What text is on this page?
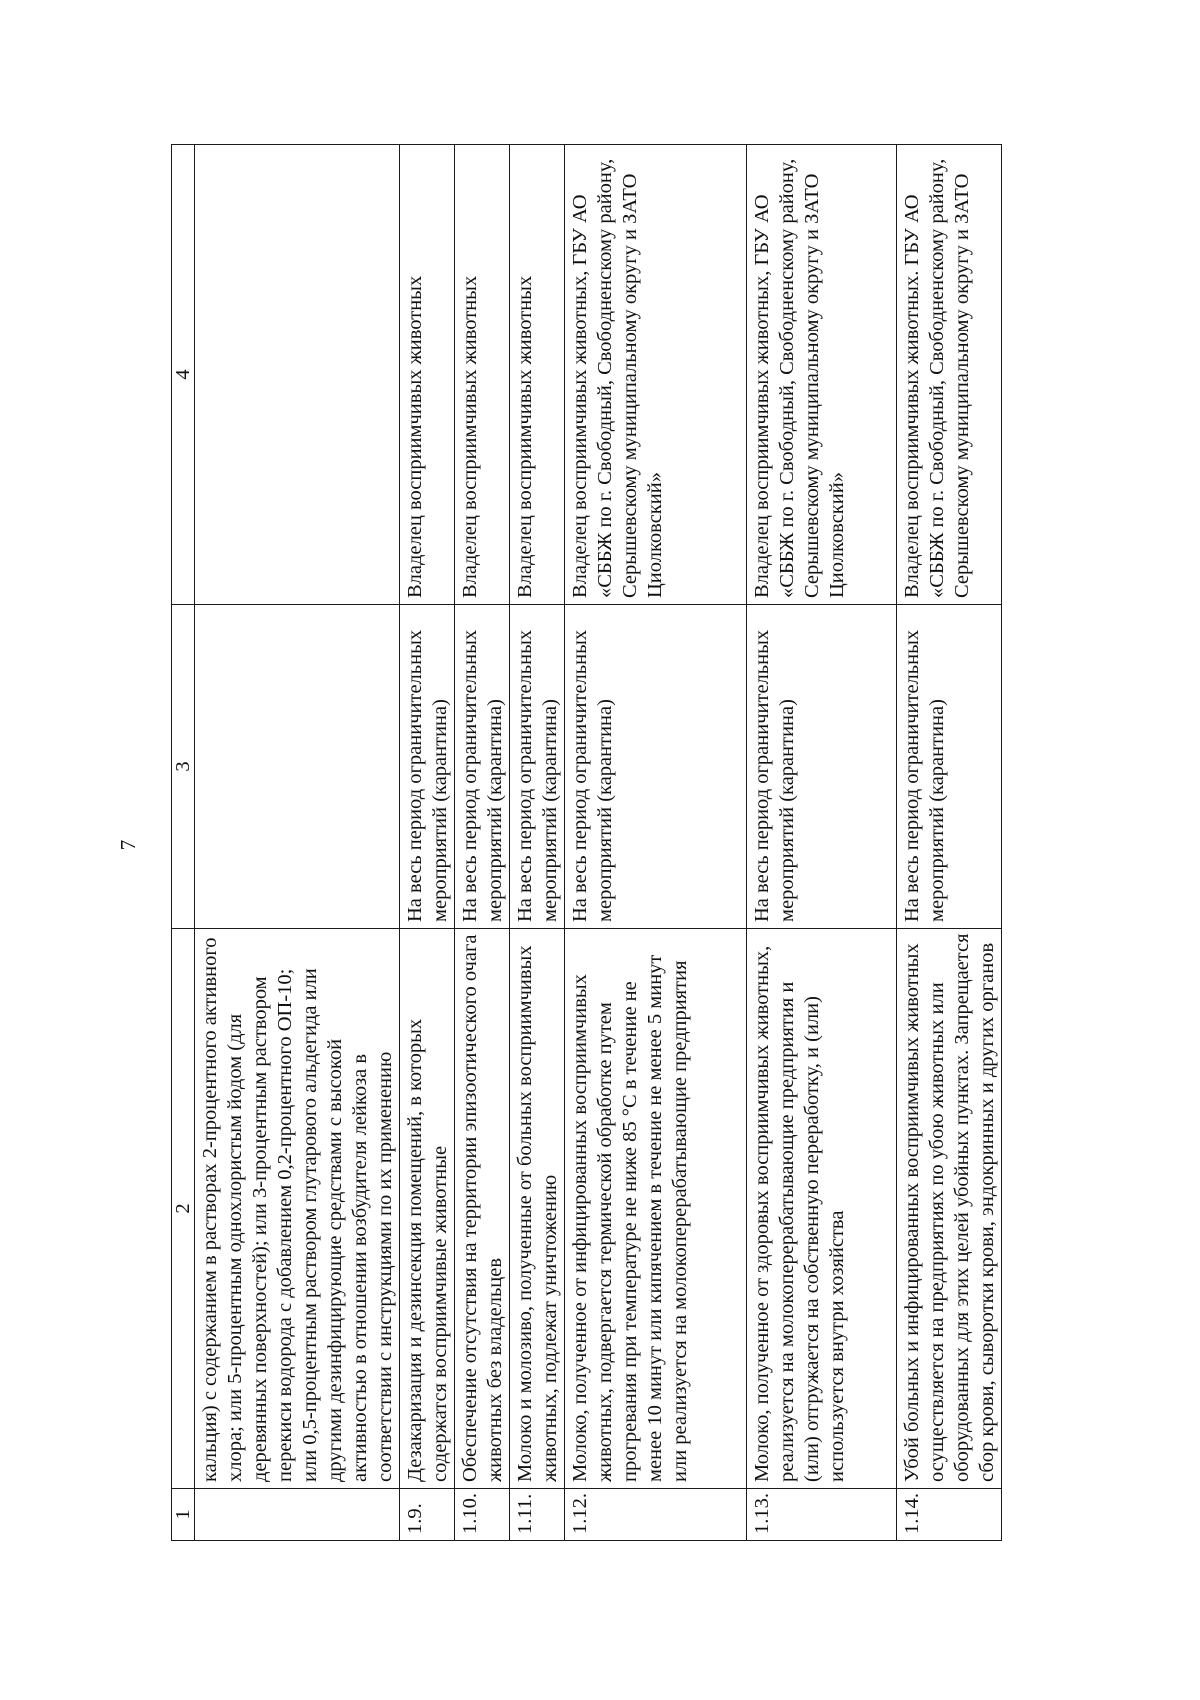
7
1	2	3	4
	кальция) с содержанием в растворах 2-процентного активного хлора; или 5-процентным однохлористым йодом (для деревянных поверхностей); или 3-процентным раствором перекиси водорода с добавлением 0,2-процентного ОП-10; или 0,5-процентным раствором глутарового альдегида или другими дезинфицирующие средствами с высокой активностью в отношении возбудителя лейкоза в соответствии с инструкциями по их применению		
1.9.	Дезакаризация и дезинсекция помещений, в которых содержатся восприимчивые животные	На весь период ограничительных мероприятий (карантина)	Владелец восприимчивых животных
1.10.	Обеспечение отсутствия на территории эпизоотического очага животных без владельцев	На весь период ограничительных мероприятий (карантина)	Владелец восприимчивых животных
1.11.	Молоко и молозиво, полученные от больных восприимчивых животных, подлежат уничтожению	На весь период ограничительных мероприятий (карантина)	Владелец восприимчивых животных
1.12.	Молоко, полученное от инфицированных восприимчивых животных, подвергается термической обработке путем прогревания при температуре не ниже 85 °С в течение не менее 10 минут или кипячением в течение не менее 5 минут или реализуется на молокоперерабатывающие предприятия	На весь период ограничительных мероприятий (карантина)	Владелец восприимчивых животных, ГБУ АО «СББЖ по г. Свободный, Свободненскому району, Серышевскому муниципальному округу и ЗАТО Циолковский»
1.13.	Молоко, полученное от здоровых восприимчивых животных, реализуется на молокоперерабатывающие предприятия и (или) отгружается на собственную переработку, и (или) используется внутри хозяйства	На весь период ограничительных мероприятий (карантина)	Владелец восприимчивых животных, ГБУ АО «СББЖ по г. Свободный, Свободненскому району, Серышевскому муниципальному округу и ЗАТО Циолковский»
1.14.	Убой больных и инфицированных восприимчивых животных осуществляется на предприятиях по убою животных или оборудованных для этих целей убойных пунктах. Запрещается сбор крови, сыворотки крови, эндокринных и других органов	На весь период ограничительных мероприятий (карантина)	Владелец восприимчивых животных. ГБУ АО «СББЖ по г. Свободный, Свободненскому району, Серышевскому муниципальному округу и ЗАТО
